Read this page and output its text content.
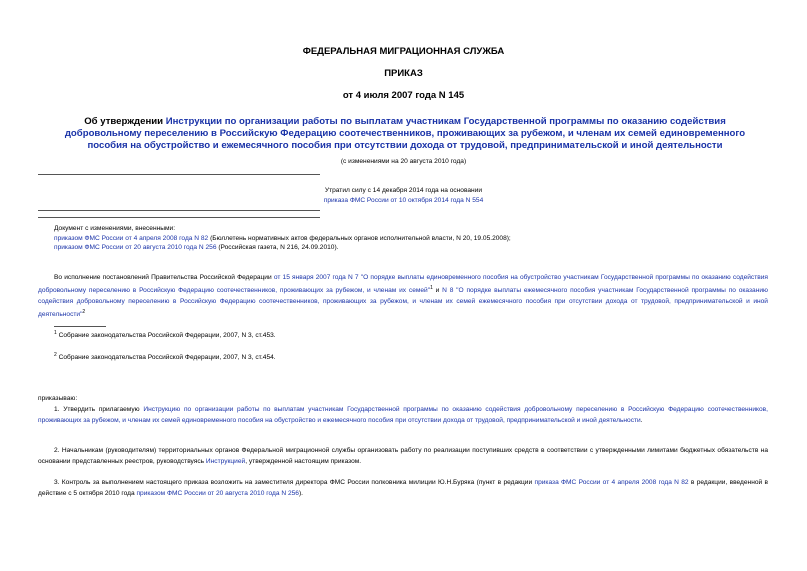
ФЕДЕРАЛЬНАЯ МИГРАЦИОННАЯ СЛУЖБА
ПРИКАЗ
от 4 июля 2007 года N 145
Об утверждении Инструкции по организации работы по выплатам участникам Государственной программы по оказанию содействия добровольному переселению в Российскую Федерацию соотечественников, проживающих за рубежом, и членам их семей единовременного пособия на обустройство и ежемесячного пособия при отсутствии дохода от трудовой, предпринимательской и иной деятельности
(с изменениями на 20 августа 2010 года)
Утратил силу с 14 декабря 2014 года на основании
приказа ФМС России от 10 октября 2014 года N 554
Документ с изменениями, внесенными:
приказом ФМС России от 4 апреля 2008 года N 82 (Бюллетень нормативных актов федеральных органов исполнительной власти, N 20, 19.05.2008);
приказом ФМС России от 20 августа 2010 года N 256 (Российская газета, N 216, 24.09.2010).
Во исполнение постановлений Правительства Российской Федерации от 15 января 2007 года N 7 "О порядке выплаты единовременного пособия на обустройство участникам Государственной программы по оказанию содействия добровольному переселению в Российскую Федерацию соотечественников, проживающих за рубежом, и членам их семей"$^1$ и N 8 "О порядке выплаты ежемесячного пособия участникам Государственной программы по оказанию содействия добровольному переселению в Российскую Федерацию соотечественников, проживающих за рубежом, и членам их семей ежемесячного пособия при отсутствии дохода от трудовой, предпринимательской и иной деятельности"$^2$
$^1$ Собрание законодательства Российской Федерации, 2007, N 3, ст.453.
$^2$ Собрание законодательства Российской Федерации, 2007, N 3, ст.454.
приказываю:
1. Утвердить прилагаемую Инструкцию по организации работы по выплатам участникам Государственной программы по оказанию содействия добровольному переселению в Российскую Федерацию соотечественников, проживающих за рубежом, и членам их семей единовременного пособия на обустройство и ежемесячного пособия при отсутствии дохода от трудовой, предпринимательской и иной деятельности.
2. Начальникам (руководителям) территориальных органов Федеральной миграционной службы организовать работу по реализации поступивших средств в соответствии с утвержденными лимитами бюджетных обязательств на основании представленных реестров, руководствуясь Инструкцией, утвержденной настоящим приказом.
3. Контроль за выполнением настоящего приказа возложить на заместителя директора ФМС России полковника милиции Ю.Н.Буряка (пункт в редакции приказа ФМС России от 4 апреля 2008 года N 82 в редакции, введенной в действие с 5 октября 2010 года приказом ФМС России от 20 августа 2010 года N 256).
